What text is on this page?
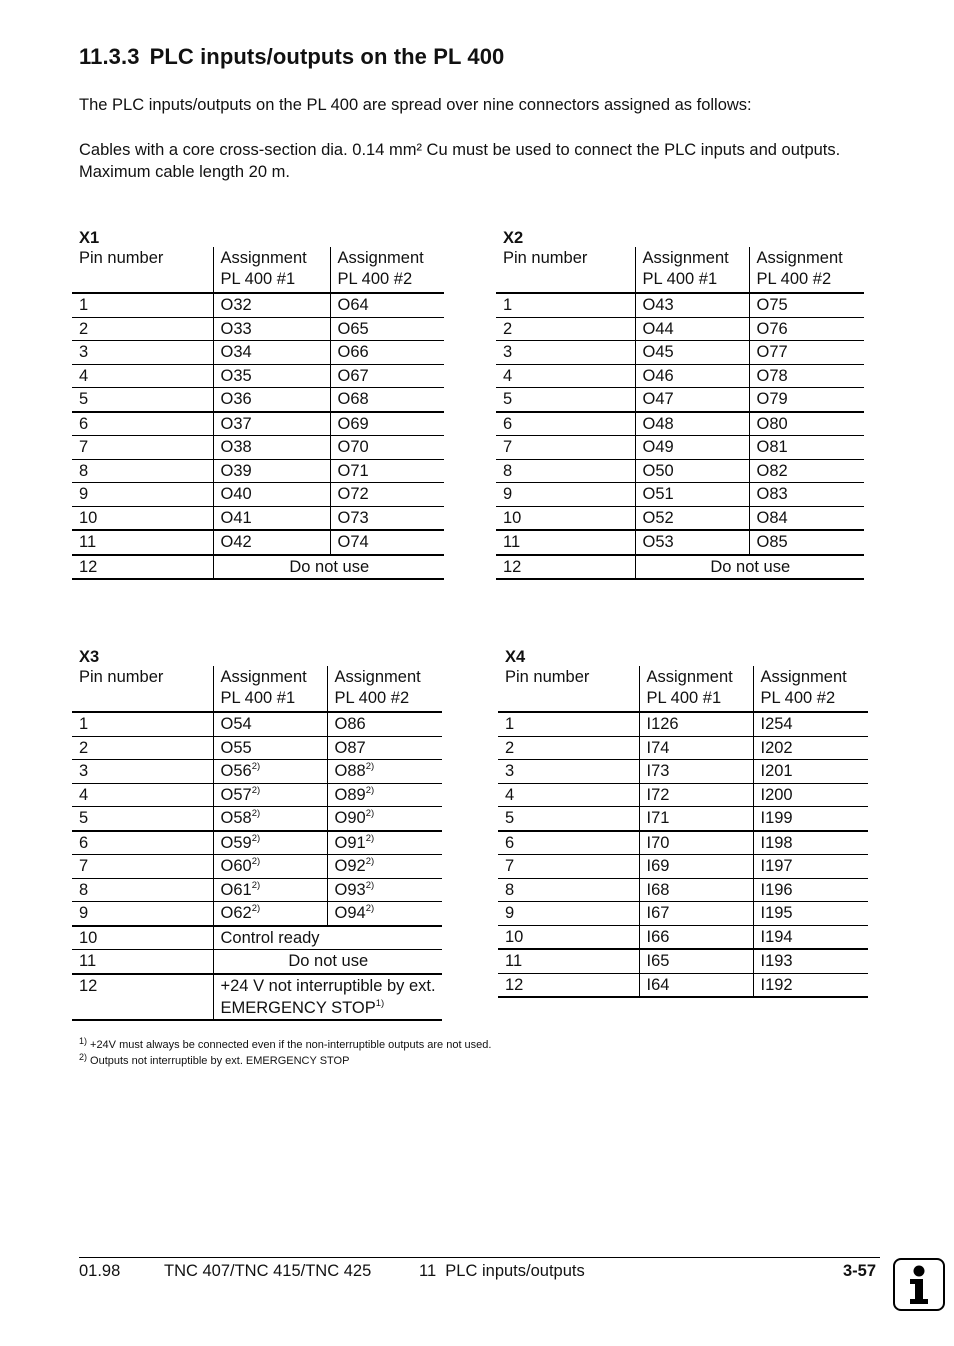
11.3.3 PLC inputs/outputs on the PL 400

The PLC inputs/outputs on the PL 400 are spread over nine connectors assigned as follows:

Cables with a core cross-section dia. 0.14 mm² Cu must be used to connect the PLC inputs and outputs. Maximum cable length 20 m.

X1
Pin number	Assignment PL 400 #1	Assignment PL 400 #2
1	O32	O64
2	O33	O65
3	O34	O66
4	O35	O67
5	O36	O68
6	O37	O69
7	O38	O70
8	O39	O71
9	O40	O72
10	O41	O73
11	O42	O74
12	Do not use	
X2
Pin number	Assignment PL 400 #1	Assignment PL 400 #2
1	O43	O75
2	O44	O76
3	O45	O77
4	O46	O78
5	O47	O79
6	O48	O80
7	O49	O81
8	O50	O82
9	O51	O83
10	O52	O84
11	O53	O85
12	Do not use	
X3
Pin number	Assignment PL 400 #1	Assignment PL 400 #2
1	O54	O86
2	O55	O87
3	O56$^{2)}$	O88$^{2)}$
4	O57$^{2)}$	O89$^{2)}$
5	O58$^{2)}$	O90$^{2)}$
6	O59$^{2)}$	O91$^{2)}$
7	O60$^{2)}$	O92$^{2)}$
8	O61$^{2)}$	O93$^{2)}$
9	O62$^{2)}$	O94$^{2)}$
10	Control ready	
11	Do not use	
12	+24 V not interruptible by ext. EMERGENCY STOP$^{1)}$
X4
Pin number	Assignment PL 400 #1	Assignment PL 400 #2
1	I126	I254
2	I74	I202
3	I73	I201
4	I72	I200
5	I71	I199
6	I70	I198
7	I69	I197
8	I68	I196
9	I67	I195
10	I66	I194
11	I65	I193
12	I64	I192
$^{1)}$ +24V must always be connected even if the non-interruptible outputs are not used.
$^{2)}$ Outputs not interruptible by ext. EMERGENCY STOP
01.98	TNC 407/TNC 415/TNC 425	11  PLC inputs/outputs	3-57
